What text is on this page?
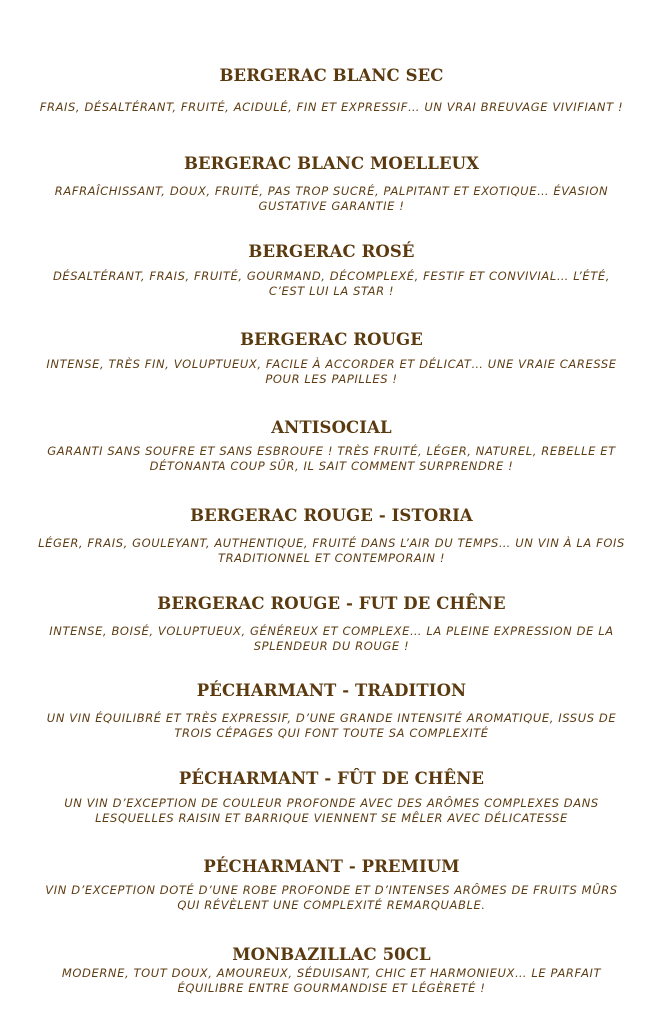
BERGERAC BLANC SEC

FRAIS, DÉSALTÉRANT, FRUITÉ, ACIDULÉ, FIN ET EXPRESSIF… UN VRAI BREUVAGE VIVIFIANT !

BERGERAC BLANC MOELLEUX

RAFRAÎCHISSANT, DOUX, FRUITÉ, PAS TROP SUCRÉ, PALPITANT ET EXOTIQUE… ÉVASION GUSTATIVE GARANTIE !

BERGERAC ROSÉ

DÉSALTÉRANT, FRAIS, FRUITÉ, GOURMAND, DÉCOMPLEXÉ, FESTIF ET CONVIVIAL… L’ÉTÉ, C’EST LUI LA STAR !

BERGERAC ROUGE

INTENSE, TRÈS FIN, VOLUPTUEUX, FACILE À ACCORDER ET DÉLICAT… UNE VRAIE CARESSE POUR LES PAPILLES !

ANTISOCIAL

GARANTI SANS SOUFRE ET SANS ESBROUFE ! TRÈS FRUITÉ, LÉGER, NATUREL, REBELLE ET DÉTONANTA COUP SÛR, IL SAIT COMMENT SURPRENDRE !

BERGERAC ROUGE - ISTORIA

LÉGER, FRAIS, GOULEYANT, AUTHENTIQUE, FRUITÉ DANS L’AIR DU TEMPS… UN VIN À LA FOIS TRADITIONNEL ET CONTEMPORAIN !

BERGERAC ROUGE - FUT DE CHÊNE

INTENSE, BOISÉ, VOLUPTUEUX, GÉNÉREUX ET COMPLEXE… LA PLEINE EXPRESSION DE LA SPLENDEUR DU ROUGE !

PÉCHARMANT - TRADITION

UN VIN ÉQUILIBRÉ ET TRÈS EXPRESSIF, D’UNE GRANDE INTENSITÉ AROMATIQUE, ISSUS DE TROIS CÉPAGES QUI FONT TOUTE SA COMPLEXITÉ

PÉCHARMANT - FÛT DE CHÊNE

UN VIN D’EXCEPTION DE COULEUR PROFONDE AVEC DES ARÔMES COMPLEXES DANS LESQUELLES RAISIN ET BARRIQUE VIENNENT SE MÊLER AVEC DÉLICATESSE

PÉCHARMANT - PREMIUM

VIN D’EXCEPTION DOTÉ D’UNE ROBE PROFONDE ET D’INTENSES ARÔMES DE FRUITS MÛRS QUI RÉVÈLENT UNE COMPLEXITÉ REMARQUABLE.

MONBAZILLAC 50CL

MODERNE, TOUT DOUX, AMOUREUX, SÉDUISANT, CHIC ET HARMONIEUX… LE PARFAIT ÉQUILIBRE ENTRE GOURMANDISE ET LÉGÈRETÉ !
